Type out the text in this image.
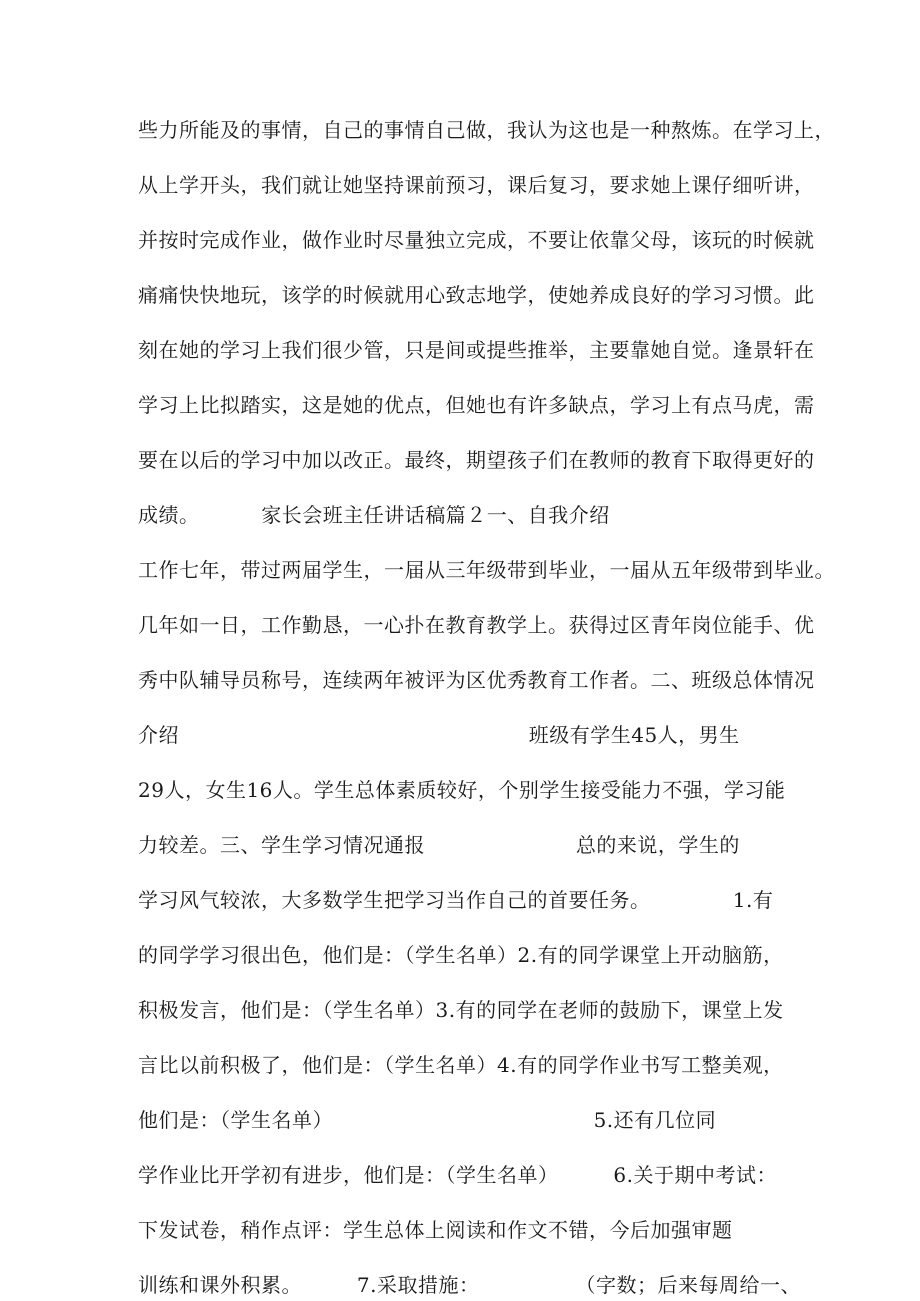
些力所能及的事情，自己的事情自己做，我认为这也是一种熬炼。在学习上，
从上学开头，我们就让她坚持课前预习，课后复习，要求她上课仔细听讲，
并按时完成作业，做作业时尽量独立完成，不要让依靠父母，该玩的时候就
痛痛快快地玩，该学的时候就用心致志地学，使她养成良好的学习习惯。此
刻在她的学习上我们很少管，只是间或提些推举，主要靠她自觉。逢景轩在
学习上比拟踏实，这是她的优点，但她也有许多缺点，学习上有点马虎，需
要在以后的学习中加以改正。最终，期望孩子们在教师的教育下取得更好的
成绩。         家长会班主任讲话稿篇２一、自我介绍
工作七年，带过两届学生，一届从三年级带到毕业，一届从五年级带到毕业。
几年如一日，工作勤恳，一心扑在教育教学上。获得过区青年岗位能手、优
秀中队辅导员称号，连续两年被评为区优秀教育工作者。二、班级总体情况
介绍                                                   班级有学生45人，男生
29人，女生16人。学生总体素质较好，个别学生接受能力不强，学习能
力较差。三、学生学习情况通报                      总的来说，学生的
学习风气较浓，大多数学生把学习当作自己的首要任务。            1.有
的同学学习很出色，他们是：（学生名单）2.有的同学课堂上开动脑筋，
积极发言，他们是：（学生名单）3.有的同学在老师的鼓励下，课堂上发
言比以前积极了，他们是：（学生名单）4.有的同学作业书写工整美观，
他们是：（学生名单）                                      5.还有几位同
学作业比开学初有进步，他们是：（学生名单）        6.关于期中考试：
下发试卷，稍作点评：学生总体上阅读和作文不错，今后加强审题
训练和课外积累。        7.采取措施：              （字数；后来每周给一、
